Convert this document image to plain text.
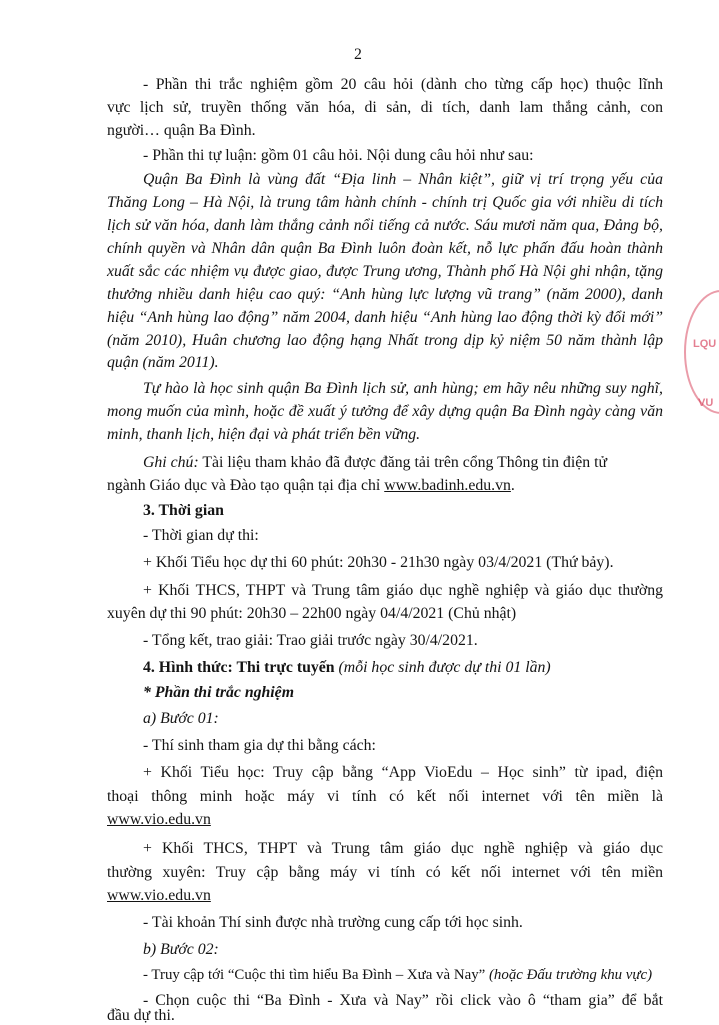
2
- Phần thi trắc nghiệm gồm 20 câu hỏi (dành cho từng cấp học) thuộc lĩnh
vực lịch sử, truyền thống văn hóa, di sản, di tích, danh lam thắng cảnh, con
người… quận Ba Đình.
- Phần thi tự luận: gồm 01 câu hỏi. Nội dung câu hỏi như sau:
Quận Ba Đình là vùng đất “Địa linh – Nhân kiệt”, giữ vị trí trọng yếu của
Thăng Long – Hà Nội, là trung tâm hành chính - chính trị Quốc gia với nhiều di tích
lịch sử văn hóa, danh làm thắng cảnh nổi tiếng cả nước. Sáu mươi năm qua, Đảng bộ,
chính quyền và Nhân dân quận Ba Đình luôn đoàn kết, nỗ lực phấn đấu hoàn thành
xuất sắc các nhiệm vụ được giao, được Trung ương, Thành phố Hà Nội ghi nhận, tặng
thưởng nhiều danh hiệu cao quý: “Anh hùng lực lượng vũ trang” (năm 2000), danh
hiệu “Anh hùng lao động” năm 2004, danh hiệu “Anh hùng lao động thời kỳ đổi mới”
(năm 2010), Huân chương lao động hạng Nhất trong dịp kỷ niệm 50 năm thành lập
quận (năm 2011).
Tự hào là học sinh quận Ba Đình lịch sử, anh hùng; em hãy nêu những suy nghĩ,
mong muốn của mình, hoặc đề xuất ý tưởng để xây dựng quận Ba Đình ngày càng văn
minh, thanh lịch, hiện đại và phát triển bền vững.
Ghi chú: Tài liệu tham khảo đã được đăng tải trên cổng Thông tin điện tử
ngành Giáo dục và Đào tạo quận tại địa chỉ www.badinh.edu.vn.
3. Thời gian
- Thời gian dự thi:
+ Khối Tiểu học dự thi 60 phút: 20h30 - 21h30 ngày 03/4/2021 (Thứ bảy).
+ Khối THCS, THPT và Trung tâm giáo dục nghề nghiệp và giáo dục thường
xuyên dự thi 90 phút: 20h30 – 22h00 ngày 04/4/2021 (Chủ nhật)
- Tổng kết, trao giải: Trao giải trước ngày 30/4/2021.
4. Hình thức: Thi trực tuyến (mỗi học sinh được dự thi 01 lần)
* Phần thi trắc nghiệm
a) Bước 01:
- Thí sinh tham gia dự thi bằng cách:
+ Khối Tiểu học: Truy cập bằng “App VioEdu – Học sinh” từ ipad, điện
thoại thông minh hoặc máy vi tính có kết nối internet với tên miền là
www.vio.edu.vn
+ Khối THCS, THPT và Trung tâm giáo dục nghề nghiệp và giáo dục
thường xuyên: Truy cập bằng máy vi tính có kết nối internet với tên miền
www.vio.edu.vn
- Tài khoản Thí sinh được nhà trường cung cấp tới học sinh.
b) Bước 02:
- Truy cập tới “Cuộc thi tìm hiểu Ba Đình – Xưa và Nay” (hoặc Đấu trường khu vực)
- Chọn cuộc thi “Ba Đình - Xưa và Nay” rồi click vào ô “tham gia” để bắt
đầu dự thi.
LQU
VU
